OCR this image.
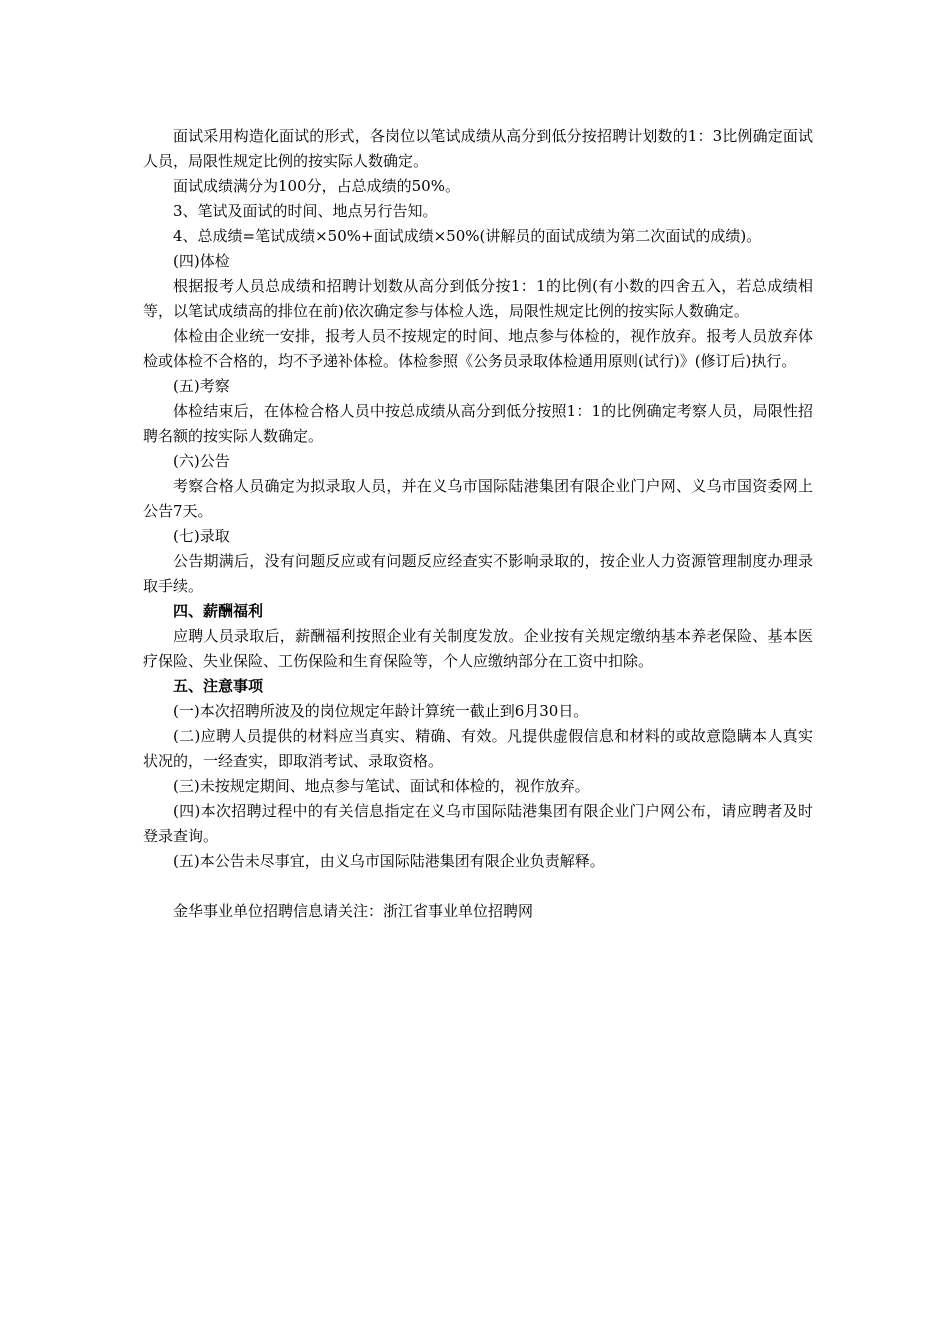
面试采用构造化面试的形式，各岗位以笔试成绩从高分到低分按招聘计划数的1：3比例确定面试人员，局限性规定比例的按实际人数确定。

面试成绩满分为100分，占总成绩的50%。

3、笔试及面试的时间、地点另行告知。

4、总成绩=笔试成绩×50%+面试成绩×50%(讲解员的面试成绩为第二次面试的成绩)。

(四)体检

根据报考人员总成绩和招聘计划数从高分到低分按1：1的比例(有小数的四舍五入，若总成绩相等，以笔试成绩高的排位在前)依次确定参与体检人选，局限性规定比例的按实际人数确定。

体检由企业统一安排，报考人员不按规定的时间、地点参与体检的，视作放弃。报考人员放弃体检或体检不合格的，均不予递补体检。体检参照《公务员录取体检通用原则(试行)》(修订后)执行。

(五)考察

体检结束后，在体检合格人员中按总成绩从高分到低分按照1：1的比例确定考察人员，局限性招聘名额的按实际人数确定。

(六)公告

考察合格人员确定为拟录取人员，并在义乌市国际陆港集团有限企业门户网、义乌市国资委网上公告7天。

(七)录取

公告期满后，没有问题反应或有问题反应经查实不影响录取的，按企业人力资源管理制度办理录取手续。

四、薪酬福利

应聘人员录取后，薪酬福利按照企业有关制度发放。企业按有关规定缴纳基本养老保险、基本医疗保险、失业保险、工伤保险和生育保险等，个人应缴纳部分在工资中扣除。

五、注意事项

(一)本次招聘所波及的岗位规定年龄计算统一截止到6月30日。

(二)应聘人员提供的材料应当真实、精确、有效。凡提供虚假信息和材料的或故意隐瞒本人真实状况的，一经查实，即取消考试、录取资格。

(三)未按规定期间、地点参与笔试、面试和体检的，视作放弃。

(四)本次招聘过程中的有关信息指定在义乌市国际陆港集团有限企业门户网公布，请应聘者及时登录查询。

(五)本公告未尽事宜，由义乌市国际陆港集团有限企业负责解释。

金华事业单位招聘信息请关注：浙江省事业单位招聘网
